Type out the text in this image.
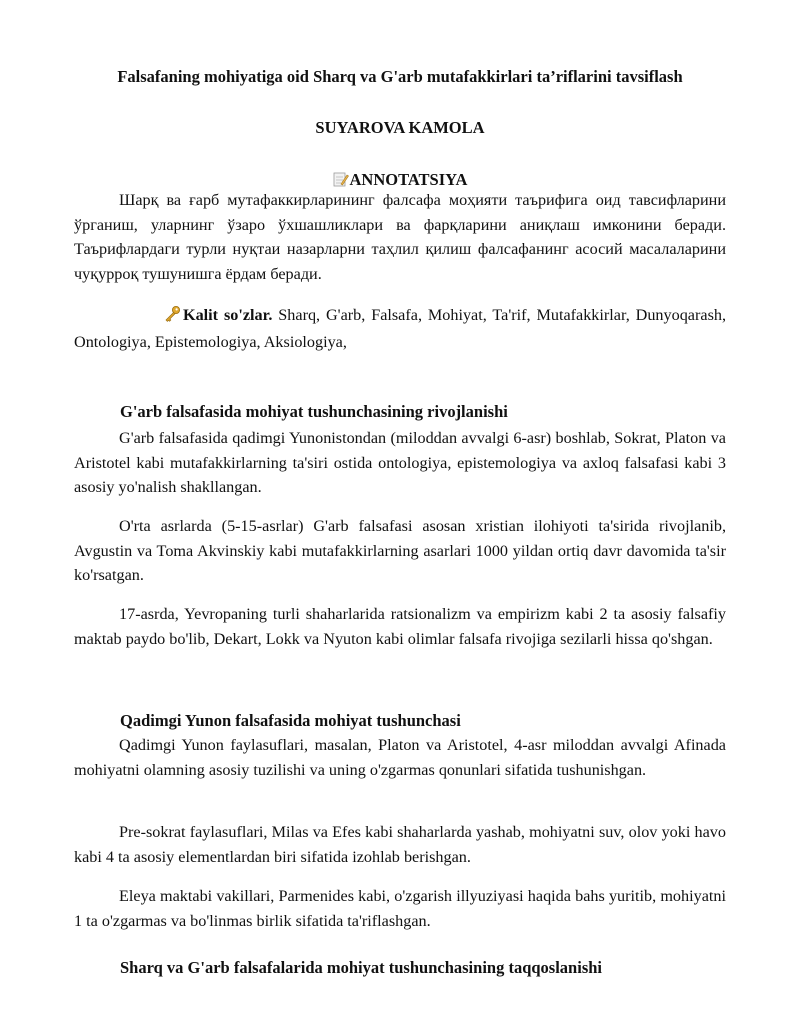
Falsafaning mohiyatiga oid Sharq va G'arb mutafakkirlari ta’riflarini tavsiflash
SUYAROVA KAMOLA
ANNOTATSIYA

Шарқ ва ғарб мутафаккирларининг фалсафа моҳияти таърифига оид тавсифларини ўрганиш, уларнинг ўзаро ўхшашликлари ва фарқларини аниқлаш имконини беради. Таърифлардаги турли нуқтаи назарларни таҳлил қилиш фалсафанинг асосий масалаларини чуқурроқ тушунишга ёрдам беради.

Kalit so'zlar. Sharq, G'arb, Falsafa, Mohiyat, Ta'rif, Mutafakkirlar, Dunyoqarash, Ontologiya, Epistemologiya, Aksiologiya,

G'arb falsafasida mohiyat tushunchasining rivojlanishi

G'arb falsafasida qadimgi Yunonistondan (miloddan avvalgi 6-asr) boshlab, Sokrat, Platon va Aristotel kabi mutafakkirlarning ta'siri ostida ontologiya, epistemologiya va axloq falsafasi kabi 3 asosiy yo'nalish shakllangan.

O'rta asrlarda (5-15-asrlar) G'arb falsafasi asosan xristian ilohiyoti ta'sirida rivojlanib, Avgustin va Toma Akvinskiy kabi mutafakkirlarning asarlari 1000 yildan ortiq davr davomida ta'sir ko'rsatgan.

17-asrda, Yevropaning turli shaharlarida ratsionalizm va empirizm kabi 2 ta asosiy falsafiy maktab paydo bo'lib, Dekart, Lokk va Nyuton kabi olimlar falsafa rivojiga sezilarli hissa qo'shgan.

Qadimgi Yunon falsafasida mohiyat tushunchasi

Qadimgi Yunon faylasuflari, masalan, Platon va Aristotel, 4-asr miloddan avvalgi Afinada mohiyatni olamning asosiy tuzilishi va uning o'zgarmas qonunlari sifatida tushunishgan.

Pre-sokrat faylasuflari, Milas va Efes kabi shaharlarda yashab, mohiyatni suv, olov yoki havo kabi 4 ta asosiy elementlardan biri sifatida izohlab berishgan.

Eleya maktabi vakillari, Parmenides kabi, o'zgarish illyuziyasi haqida bahs yuritib, mohiyatni 1 ta o'zgarmas va bo'linmas birlik sifatida ta'riflashgan.

Sharq va G'arb falsafalarida mohiyat tushunchasining taqqoslanishi
